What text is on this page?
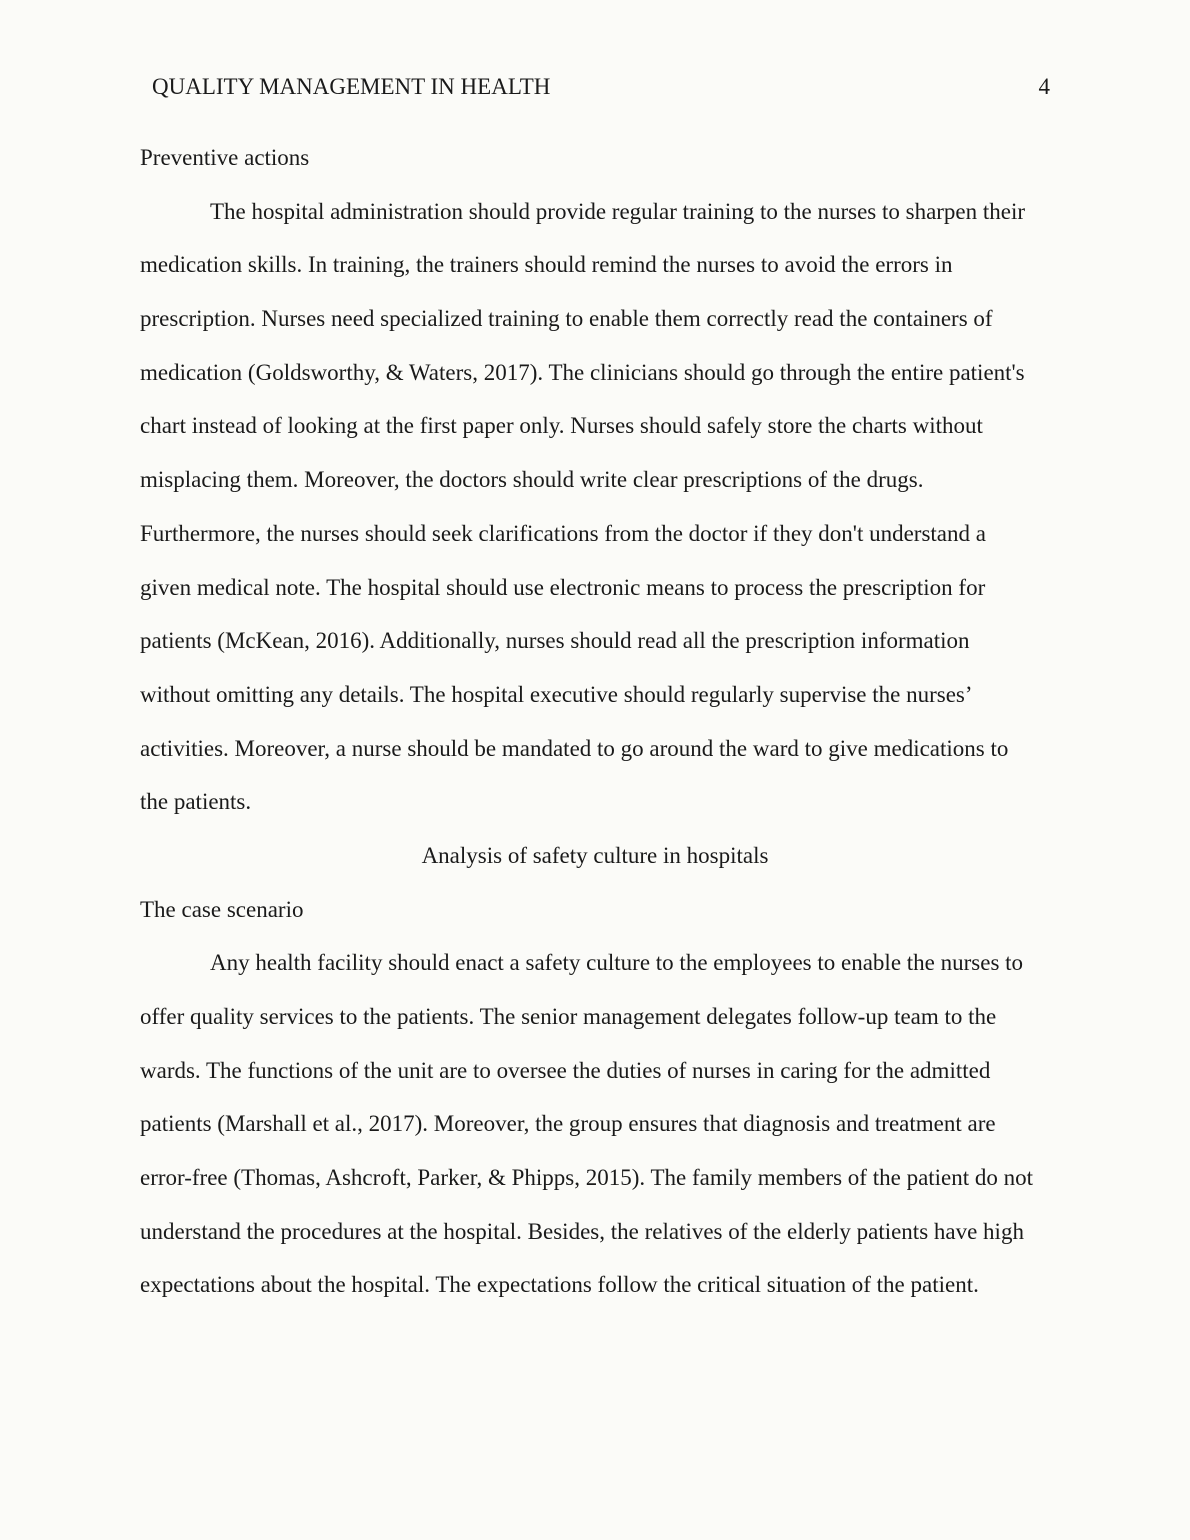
QUALITY MANAGEMENT IN HEALTH	4
Preventive actions
The hospital administration should provide regular training to the nurses to sharpen their
medication skills. In training, the trainers should remind the nurses to avoid the errors in
prescription. Nurses need specialized training to enable them correctly read the containers of
medication (Goldsworthy, & Waters, 2017). The clinicians should go through the entire patient's
chart instead of looking at the first paper only. Nurses should safely store the charts without
misplacing them. Moreover, the doctors should write clear prescriptions of the drugs.
Furthermore, the nurses should seek clarifications from the doctor if they don't understand a
given medical note. The hospital should use electronic means to process the prescription for
patients (McKean, 2016). Additionally, nurses should read all the prescription information
without omitting any details. The hospital executive should regularly supervise the nurses’
activities. Moreover, a nurse should be mandated to go around the ward to give medications to
the patients.
Analysis of safety culture in hospitals
The case scenario
Any health facility should enact a safety culture to the employees to enable the nurses to
offer quality services to the patients. The senior management delegates follow-up team to the
wards. The functions of the unit are to oversee the duties of nurses in caring for the admitted
patients (Marshall et al., 2017). Moreover, the group ensures that diagnosis and treatment are
error-free (Thomas, Ashcroft, Parker, & Phipps, 2015). The family members of the patient do not
understand the procedures at the hospital. Besides, the relatives of the elderly patients have high
expectations about the hospital. The expectations follow the critical situation of the patient.
